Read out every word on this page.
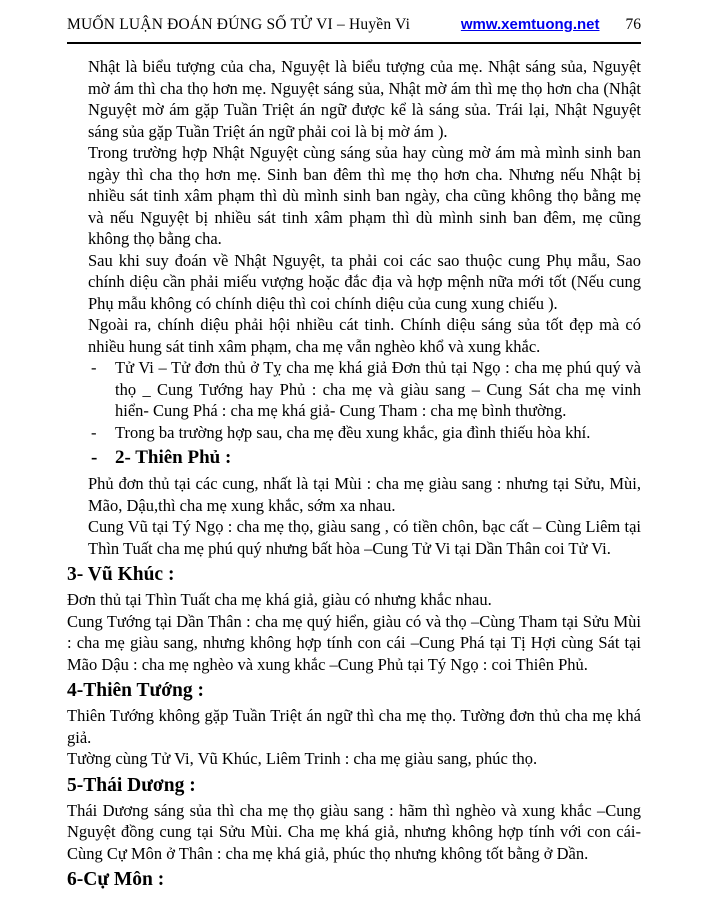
MUỐN LUẬN ĐOÁN ĐÚNG SỐ TỬ VI – Huyền Vi	wmw.xemtuong.net 76

Nhật là biểu tượng của cha, Nguyệt là biểu tượng của mẹ. Nhật sáng sủa, Nguyệt mờ ám thì cha thọ hơn mẹ. Nguyệt sáng sủa, Nhật mờ ám thì mẹ thọ hơn cha (Nhật Nguyệt mờ ám gặp Tuần Triệt án ngữ được kể là sáng sủa. Trái lại, Nhật Nguyệt sáng sủa gặp Tuần Triệt án ngữ phải coi là bị mờ ám ).

Trong trường hợp Nhật Nguyệt cùng sáng sủa hay cùng mờ ám mà mình sinh ban ngày thì cha thọ hơn mẹ. Sinh ban đêm thì mẹ thọ hơn cha. Nhưng nếu Nhật bị nhiều sát tinh xâm phạm thì dù mình sinh ban ngày, cha cũng không thọ bằng mẹ và nếu Nguyệt bị nhiều sát tinh xâm phạm thì dù mình sinh ban đêm, mẹ cũng không thọ bằng cha.

Sau khi suy đoán về Nhật Nguyệt, ta phải coi các sao thuộc cung Phụ mẫu, Sao chính diệu cần phải miếu vượng hoặc đắc địa và hợp mệnh nữa mới tốt (Nếu cung Phụ mẫu không có chính diệu thì coi chính diệu của cung xung chiếu ).

Ngoài ra, chính diệu phải hội nhiều cát tinh. Chính diệu sáng sủa tốt đẹp mà có nhiều hung sát tinh xâm phạm, cha mẹ vẫn nghèo khổ và xung khắc.

- Tử Vi – Tử đơn thủ ở Tỵ cha mẹ khá giả Đơn thủ tại Ngọ : cha mẹ phú quý và thọ _ Cung Tướng hay Phủ : cha mẹ và giàu sang – Cung Sát cha mẹ vinh hiển- Cung Phá : cha mẹ khá giả- Cung Tham : cha mẹ bình thường.
- Trong ba trường hợp sau, cha mẹ đều xung khắc, gia đình thiếu hòa khí.
- 2- Thiên Phủ :

Phủ đơn thủ tại các cung, nhất là tại Mùi : cha mẹ giàu sang : nhưng tại Sửu, Mùi, Mão, Dậu,thì cha mẹ xung khắc, sớm xa nhau.

Cung Vũ tại Tý Ngọ : cha mẹ thọ, giàu sang , có tiền chôn, bạc cất – Cùng Liêm tại Thìn Tuất cha mẹ phú quý nhưng bất hòa –Cung Tử Vi tại Dần Thân coi Tử Vi.

3- Vũ Khúc :

Đơn thủ tại Thìn Tuất cha mẹ khá giả, giàu có nhưng khắc nhau.

Cung Tướng tại Dần Thân : cha mẹ quý hiển, giàu có và thọ –Cùng Tham tại Sửu Mùi : cha mẹ giàu sang, nhưng không hợp tính con cái –Cung Phá tại Tị Hợi cùng Sát tại Mão Dậu : cha mẹ nghèo và xung khắc –Cung Phủ tại Tý Ngọ : coi Thiên Phủ.

4-Thiên Tướng :

Thiên Tướng không gặp Tuần Triệt án ngữ thì cha mẹ thọ. Tường đơn thủ cha mẹ khá giả.

Tường cùng Tử Vi, Vũ Khúc, Liêm Trinh : cha mẹ giàu sang, phúc thọ.

5-Thái Dương :

Thái Dương sáng sủa thì cha mẹ thọ giàu sang : hãm thì nghèo và xung khắc –Cung Nguyệt đồng cung tại Sửu Mùi. Cha mẹ khá giả, nhưng không hợp tính với con cái-Cùng Cự Môn ở Thân : cha mẹ khá giả, phúc thọ nhưng không tốt bằng ở Dần.

6-Cự Môn :
